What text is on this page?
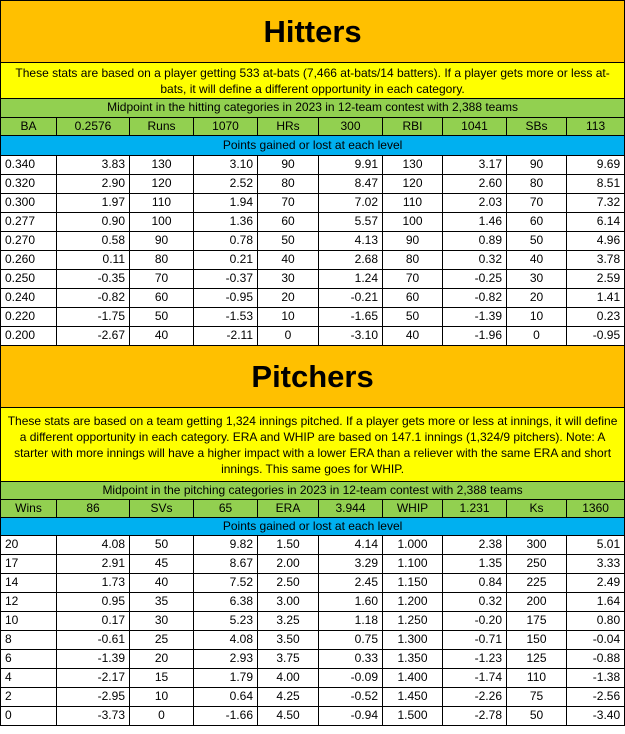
Hitters									
These stats are based on a player getting 533 at-bats (7,466 at-bats/14 batters). If a player gets more or less at-bats, it will define a different opportunity in each category.									
Midpoint in the hitting categories in 2023 in 12-team contest with 2,388 teams									
BA	0.2576	Runs	1070	HRs	300	RBI	1041	SBs	113
Points gained or lost at each level									
0.340	3.83	130	3.10	90	9.91	130	3.17	90	9.69
0.320	2.90	120	2.52	80	8.47	120	2.60	80	8.51
0.300	1.97	110	1.94	70	7.02	110	2.03	70	7.32
0.277	0.90	100	1.36	60	5.57	100	1.46	60	6.14
0.270	0.58	90	0.78	50	4.13	90	0.89	50	4.96
0.260	0.11	80	0.21	40	2.68	80	0.32	40	3.78
0.250	-0.35	70	-0.37	30	1.24	70	-0.25	30	2.59
0.240	-0.82	60	-0.95	20	-0.21	60	-0.82	20	1.41
0.220	-1.75	50	-1.53	10	-1.65	50	-1.39	10	0.23
0.200	-2.67	40	-2.11	0	-3.10	40	-1.96	0	-0.95
Pitchers									
These stats are based on a team getting 1,324 innings pitched. If a player gets more or less at innings, it will define a different opportunity in each category. ERA and WHIP are based on 147.1 innings (1,324/9 pitchers). Note: A starter with more innings will have a higher impact with a lower ERA than a reliever with the same ERA and short innings. This same goes for WHIP.									
Midpoint in the pitching categories in 2023 in 12-team contest with 2,388 teams									
Wins	86	SVs	65	ERA	3.944	WHIP	1.231	Ks	1360
Points gained or lost at each level									
20	4.08	50	9.82	1.50	4.14	1.000	2.38	300	5.01
17	2.91	45	8.67	2.00	3.29	1.100	1.35	250	3.33
14	1.73	40	7.52	2.50	2.45	1.150	0.84	225	2.49
12	0.95	35	6.38	3.00	1.60	1.200	0.32	200	1.64
10	0.17	30	5.23	3.25	1.18	1.250	-0.20	175	0.80
8	-0.61	25	4.08	3.50	0.75	1.300	-0.71	150	-0.04
6	-1.39	20	2.93	3.75	0.33	1.350	-1.23	125	-0.88
4	-2.17	15	1.79	4.00	-0.09	1.400	-1.74	110	-1.38
2	-2.95	10	0.64	4.25	-0.52	1.450	-2.26	75	-2.56
0	-3.73	0	-1.66	4.50	-0.94	1.500	-2.78	50	-3.40
